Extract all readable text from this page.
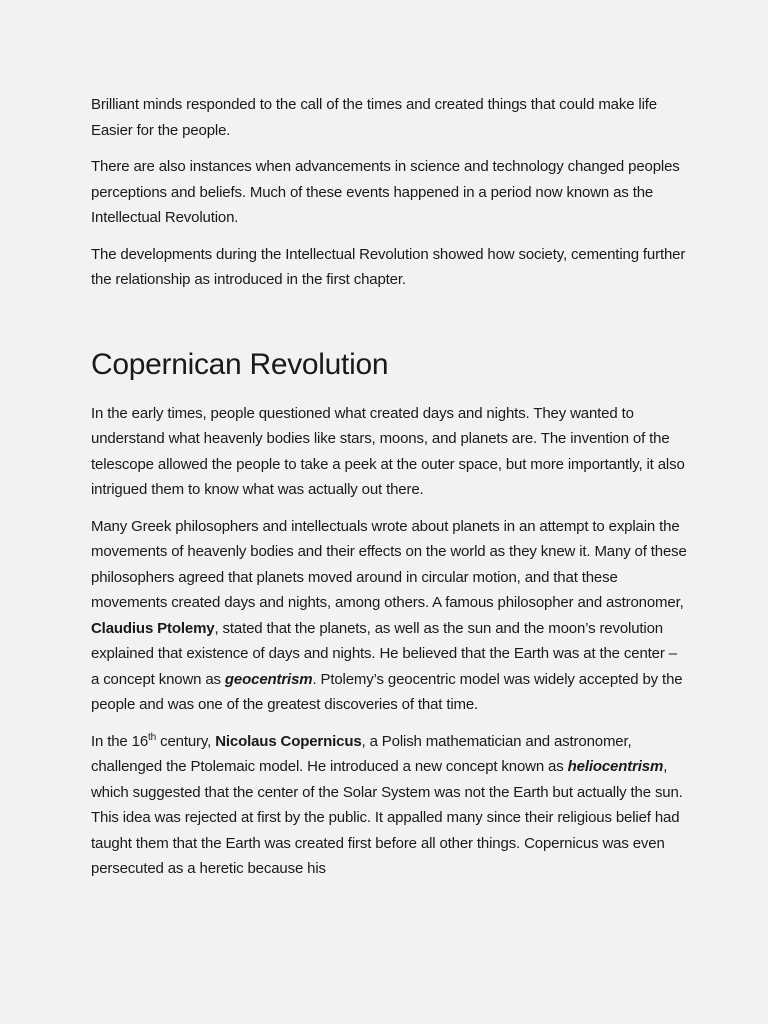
Brilliant minds responded to the call of the times and created things that could make life Easier for the people.

There are also instances when advancements in science and technology changed peoples perceptions and beliefs. Much of these events happened in a period now known as the Intellectual Revolution.

The developments during the Intellectual Revolution showed how society, cementing further the relationship as introduced in the first chapter.

Copernican Revolution

In the early times, people questioned what created days and nights. They wanted to understand what heavenly bodies like stars, moons, and planets are. The invention of the telescope allowed the people to take a peek at the outer space, but more importantly, it also intrigued them to know what was actually out there.

Many Greek philosophers and intellectuals wrote about planets in an attempt to explain the movements of heavenly bodies and their effects on the world as they knew it. Many of these philosophers agreed that planets moved around in circular motion, and that these movements created days and nights, among others. A famous philosopher and astronomer, Claudius Ptolemy, stated that the planets, as well as the sun and the moon’s revolution explained that existence of days and nights. He believed that the Earth was at the center – a concept known as geocentrism. Ptolemy’s geocentric model was widely accepted by the people and was one of the greatest discoveries of that time.

In the 16th century, Nicolaus Copernicus, a Polish mathematician and astronomer, challenged the Ptolemaic model. He introduced a new concept known as heliocentrism, which suggested that the center of the Solar System was not the Earth but actually the sun. This idea was rejected at first by the public. It appalled many since their religious belief had taught them that the Earth was created first before all other things. Copernicus was even persecuted as a heretic because his
